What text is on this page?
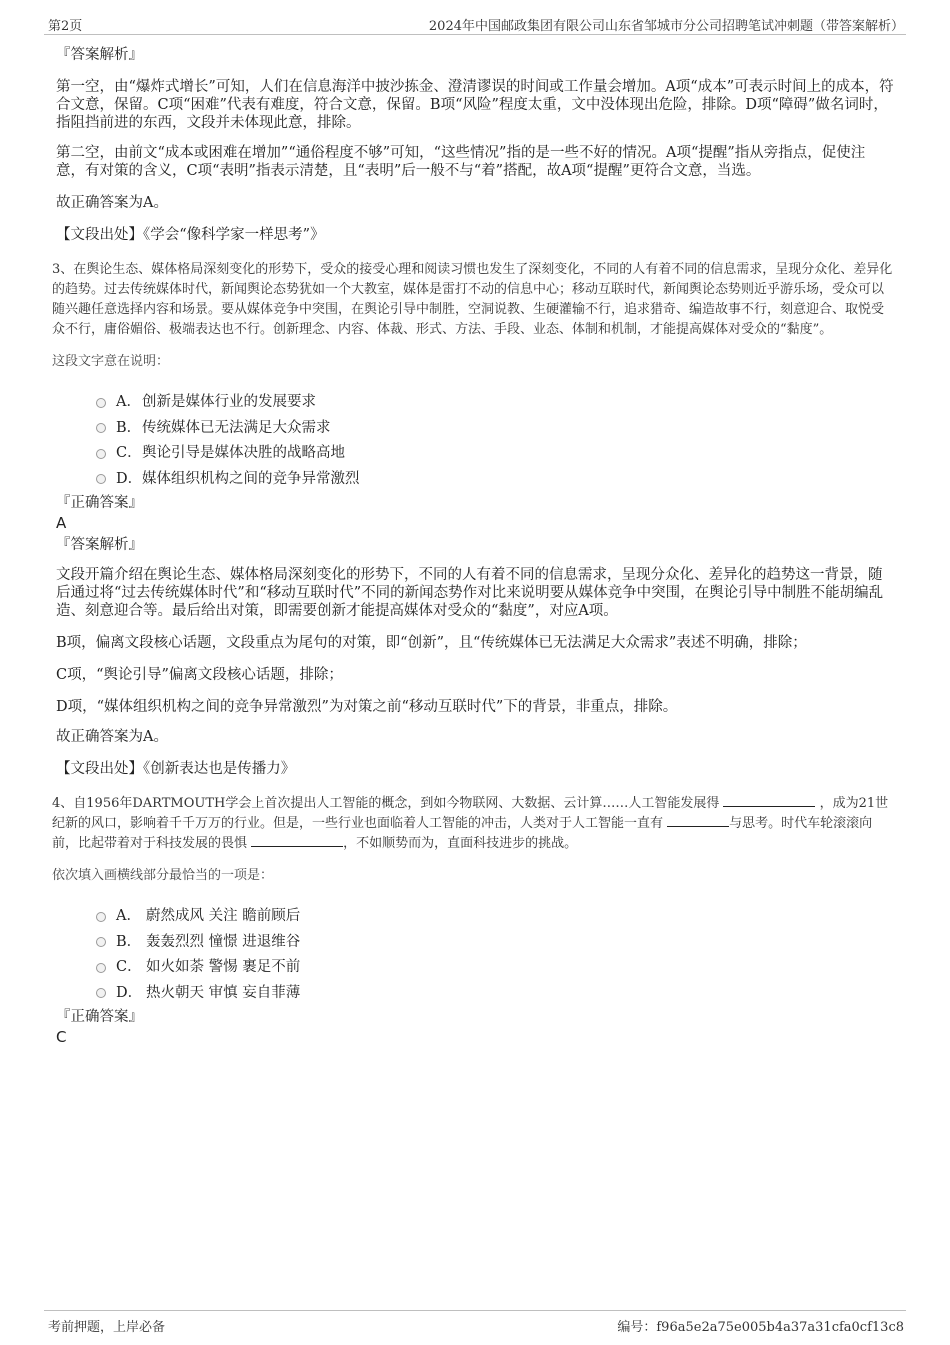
第2页	2024年中国邮政集团有限公司山东省邹城市分公司招聘笔试冲刺题（带答案解析）

『答案解析』

第一空，由“爆炸式增长”可知，人们在信息海洋中披沙拣金、澄清谬误的时间或工作量会增加。A项“成本”可表示时间上的成本，符合文意，保留。C项“困难”代表有难度，符合文意，保留。B项“风险”程度太重，文中没体现出危险，排除。D项“障碍”做名词时，指阻挡前进的东西，文段并未体现此意，排除。

第二空，由前文“成本或困难在增加”“通俗程度不够”可知，“这些情况”指的是一些不好的情况。A项“提醒”指从旁指点，促使注意，有对策的含义，C项“表明”指表示清楚，且“表明”后一般不与“着”搭配，故A项“提醒”更符合文意，当选。

故正确答案为A。

【文段出处】《学会“像科学家一样思考”》

3、在舆论生态、媒体格局深刻变化的形势下，受众的接受心理和阅读习惯也发生了深刻变化，不同的人有着不同的信息需求，呈现分众化、差异化的趋势。过去传统媒体时代，新闻舆论态势犹如一个大教室，媒体是雷打不动的信息中心；移动互联时代，新闻舆论态势则近乎游乐场，受众可以随兴趣任意选择内容和场景。要从媒体竞争中突围，在舆论引导中制胜，空洞说教、生硬灌输不行，追求猎奇、编造故事不行，刻意迎合、取悦受众不行，庸俗媚俗、极端表达也不行。创新理念、内容、体裁、形式、方法、手段、业态、体制和机制，才能提高媒体对受众的“黏度”。

这段文字意在说明：

A． 创新是媒体行业的发展要求
B． 传统媒体已无法满足大众需求
C． 舆论引导是媒体决胜的战略高地
D． 媒体组织机构之间的竞争异常激烈

『正确答案』

A

『答案解析』

文段开篇介绍在舆论生态、媒体格局深刻变化的形势下，不同的人有着不同的信息需求，呈现分众化、差异化的趋势这一背景，随后通过将“过去传统媒体时代”和“移动互联时代”不同的新闻态势作对比来说明要从媒体竞争中突围，在舆论引导中制胜不能胡编乱造、刻意迎合等。最后给出对策，即需要创新才能提高媒体对受众的“黏度”，对应A项。

B项，偏离文段核心话题，文段重点为尾句的对策，即“创新”，且“传统媒体已无法满足大众需求”表述不明确，排除；

C项，“舆论引导”偏离文段核心话题，排除；

D项，“媒体组织机构之间的竞争异常激烈”为对策之前“移动互联时代”下的背景，非重点，排除。

故正确答案为A。

【文段出处】《创新表达也是传播力》

4、自1956年DARTMOUTH学会上首次提出人工智能的概念，到如今物联网、大数据、云计算……人工智能发展得	，成为21世纪新的风口，影响着千千万万的行业。但是，一些行业也面临着人工智能的冲击，人类对于人工智能一直有	与思考。时代车轮滚滚向前，比起带着对于科技发展的畏惧	，不如顺势而为，直面科技进步的挑战。

依次填入画横线部分最恰当的一项是：

A． 蔚然成风 关注 瞻前顾后
B． 轰轰烈烈 憧憬 进退维谷
C． 如火如荼 警惕 裹足不前
D． 热火朝天 审慎 妄自菲薄

『正确答案』

C

考前押题，上岸必备	编号：f96a5e2a75e005b4a37a31cfa0cf13c8
